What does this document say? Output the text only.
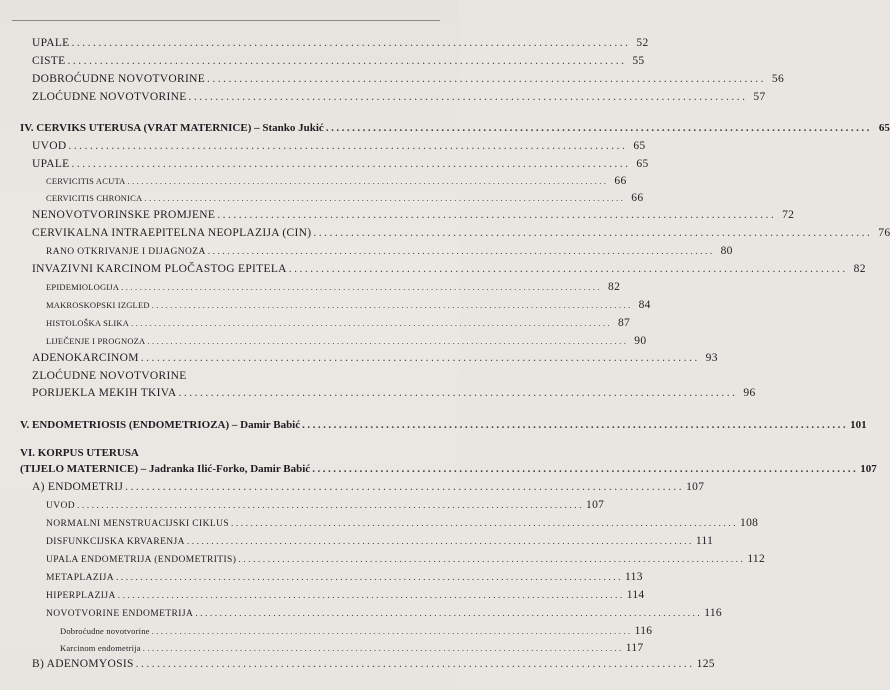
UPALE ........................................................................................................ 52
CISTE ........................................................................................................ 55
DOBROĆUDNE NOVOTVORINE ........................................................................................................ 56
ZLOĆUDNE NOVOTVORINE ........................................................................................................ 57
IV. CERVIKS UTERUSA (VRAT MATERNICE) – Stanko Jukić ........................................................................................................ 65
UVOD ........................................................................................................ 65
UPALE ........................................................................................................ 65
CERVICITIS ACUTA ........................................................................................................ 66
CERVICITIS CHRONICA ........................................................................................................ 66
NENOVOTVORINSKE PROMJENE ........................................................................................................ 72
CERVIKALNA INTRAEPITELNA NEOPLAZIJA (CIN) ........................................................................................................ 76
RANO OTKRIVANJE I DIJAGNOZA ........................................................................................................ 80
INVAZIVNI KARCINOM PLOČASTOG EPITELA ........................................................................................................ 82
EPIDEMIOLOGIJA ........................................................................................................ 82
MAKROSKOPSKI IZGLED ........................................................................................................ 84
HISTOLOŠKA SLIKA ........................................................................................................ 87
LIJEČENJE I PROGNOZA ........................................................................................................ 90
ADENOKARCINOM ........................................................................................................ 93
ZLOĆUDNE NOVOTVORINE
PORIJEKLA MEKIH TKIVA ........................................................................................................ 96
V. ENDOMETRIOSIS (ENDOMETRIOZA) – Damir Babić ........................................................................................................ 101
VI. KORPUS UTERUSA
(TIJELO MATERNICE) – Jadranka Ilić-Forko, Damir Babić ........................................................................................................ 107
A) ENDOMETRIJ ........................................................................................................ 107
UVOD ........................................................................................................ 107
NORMALNI MENSTRUACIJSKI CIKLUS ........................................................................................................ 108
DISFUNKCIJSKA KRVARENJA ........................................................................................................ 111
UPALA ENDOMETRIJA (ENDOMETRITIS) ........................................................................................................ 112
METAPLAZIJA ........................................................................................................ 113
HIPERPLAZIJA ........................................................................................................ 114
NOVOTVORINE ENDOMETRIJA ........................................................................................................ 116
Dobroćudne novotvorine ........................................................................................................ 116
Karcinom endometrija ........................................................................................................ 117
B) ADENOMYOSIS ........................................................................................................ 125
